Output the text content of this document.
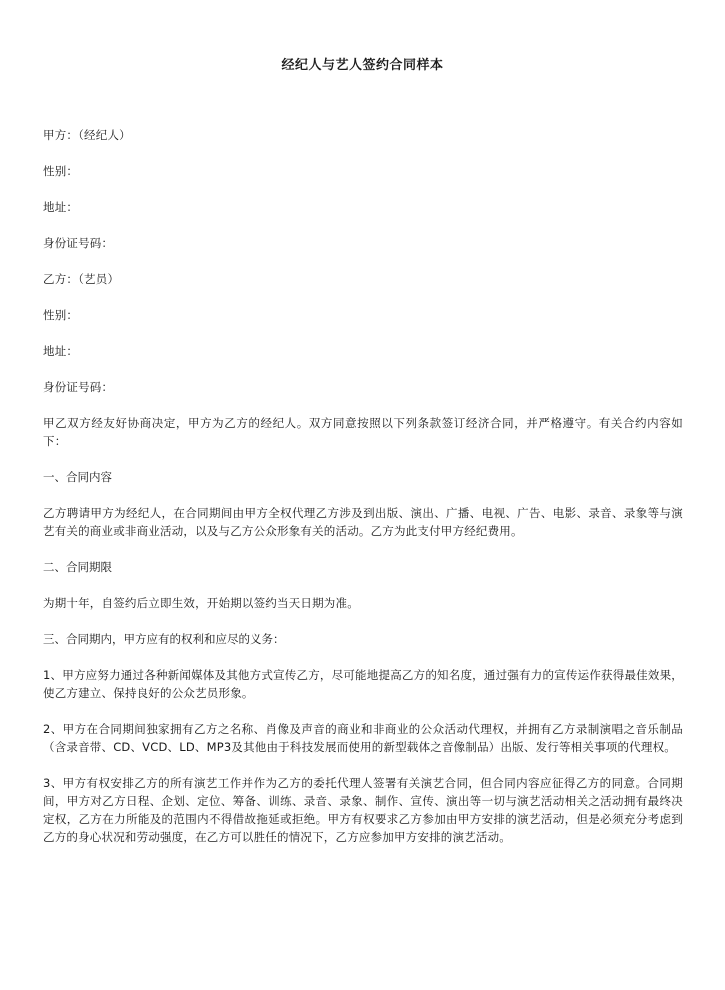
经纪人与艺人签约合同样本

甲方：（经纪人）

性别：

地址：

身份证号码：

乙方：（艺员）

性别：

地址：

身份证号码：

甲乙双方经友好协商决定，甲方为乙方的经纪人。双方同意按照以下列条款签订经济合同，并严格遵守。有关合约内容如下：

一、合同内容

乙方聘请甲方为经纪人，在合同期间由甲方全权代理乙方涉及到出版、演出、广播、电视、广告、电影、录音、录象等与演艺有关的商业或非商业活动，以及与乙方公众形象有关的活动。乙方为此支付甲方经纪费用。

二、合同期限

为期十年，自签约后立即生效，开始期以签约当天日期为准。

三、合同期内，甲方应有的权利和应尽的义务：

1、甲方应努力通过各种新闻媒体及其他方式宣传乙方，尽可能地提高乙方的知名度，通过强有力的宣传运作获得最佳效果，使乙方建立、保持良好的公众艺员形象。

2、甲方在合同期间独家拥有乙方之名称、肖像及声音的商业和非商业的公众活动代理权，并拥有乙方录制演唱之音乐制品（含录音带、CD、VCD、LD、MP3及其他由于科技发展而使用的新型载体之音像制品）出版、发行等相关事项的代理权。

3、甲方有权安排乙方的所有演艺工作并作为乙方的委托代理人签署有关演艺合同，但合同内容应征得乙方的同意。合同期间，甲方对乙方日程、企划、定位、筹备、训练、录音、录象、制作、宣传、演出等一切与演艺活动相关之活动拥有最终决定权，乙方在力所能及的范围内不得借故拖延或拒绝。甲方有权要求乙方参加由甲方安排的演艺活动，但是必须充分考虑到乙方的身心状况和劳动强度，在乙方可以胜任的情况下，乙方应参加甲方安排的演艺活动。
